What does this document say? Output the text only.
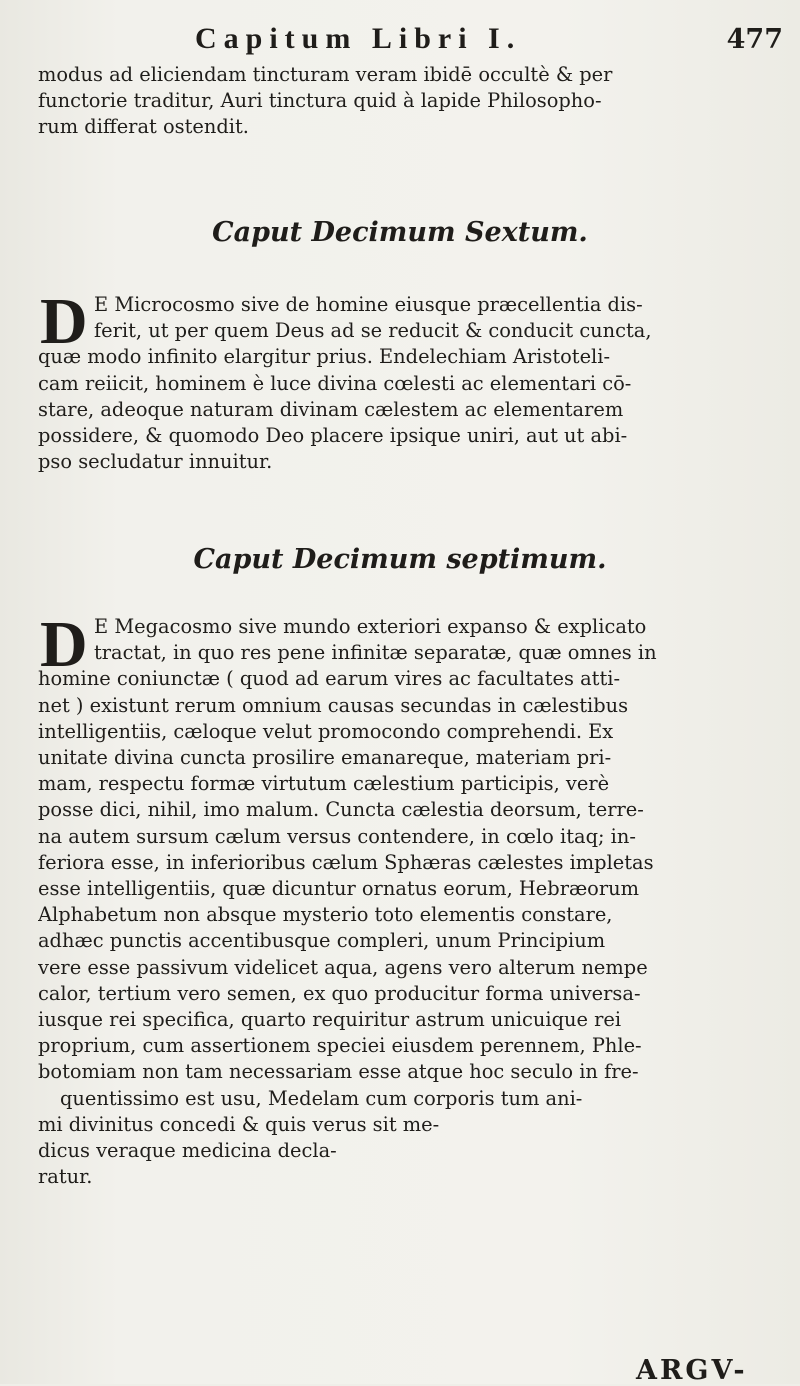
Capitum Libri I.	477

modus ad eliciendam tincturam veram ibidē occultè & per
functorie traditur, Auri tinctura quid à lapide Philosopho-
rum differat ostendit.

Caput Decimum Sextum.
D E Microcosmo sive de homine eiusque præcellentia dis-
ferit, ut per quem Deus ad se reducit & conducit cuncta,
quæ modo infinito elargitur prius. Endelechiam Aristoteli-
cam reiicit, hominem è luce divina cœlesti ac elementari cō-
stare, adeoque naturam divinam cælestem ac elementarem
possidere, & quomodo Deo placere ipsique uniri, aut ut abi-
pso secludatur innuitur.

Caput Decimum septimum.
D E Megacosmo sive mundo exteriori expanso & explicato
tractat, in quo res pene infinitæ separatæ, quæ omnes in
homine coniunctæ ( quod ad earum vires ac facultates atti-
net ) existunt rerum omnium causas secundas in cælestibus
intelligentiis, cæloque velut promocondo comprehendi. Ex
unitate divina cuncta prosilire emanareque, materiam pri-
mam, respectu formæ virtutum cælestium participis, verè
posse dici, nihil, imo malum. Cuncta cælestia deorsum, terre-
na autem sursum cælum versus contendere, in cœlo itaq; in-
feriora esse, in inferioribus cælum Sphæras cælestes impletas
esse intelligentiis, quæ dicuntur ornatus eorum, Hebræorum
Alphabetum non absque mysterio toto elementis constare,
adhæc punctis accentibusque compleri, unum Principium
vere esse passivum videlicet aqua, agens vero alterum nempe
calor, tertium vero semen, ex quo producitur forma universa-
iusque rei specifica, quarto requiritur astrum unicuique rei
proprium, cum assertionem speciei eiusdem perennem, Phle-
botomiam non tam necessariam esse atque hoc seculo in fre-
quentissimo est usu, Medelam cum corporis tum ani-
mi divinitus concedi & quis verus sit me-
dicus veraque medicina decla-
ratur.

ARGV-
